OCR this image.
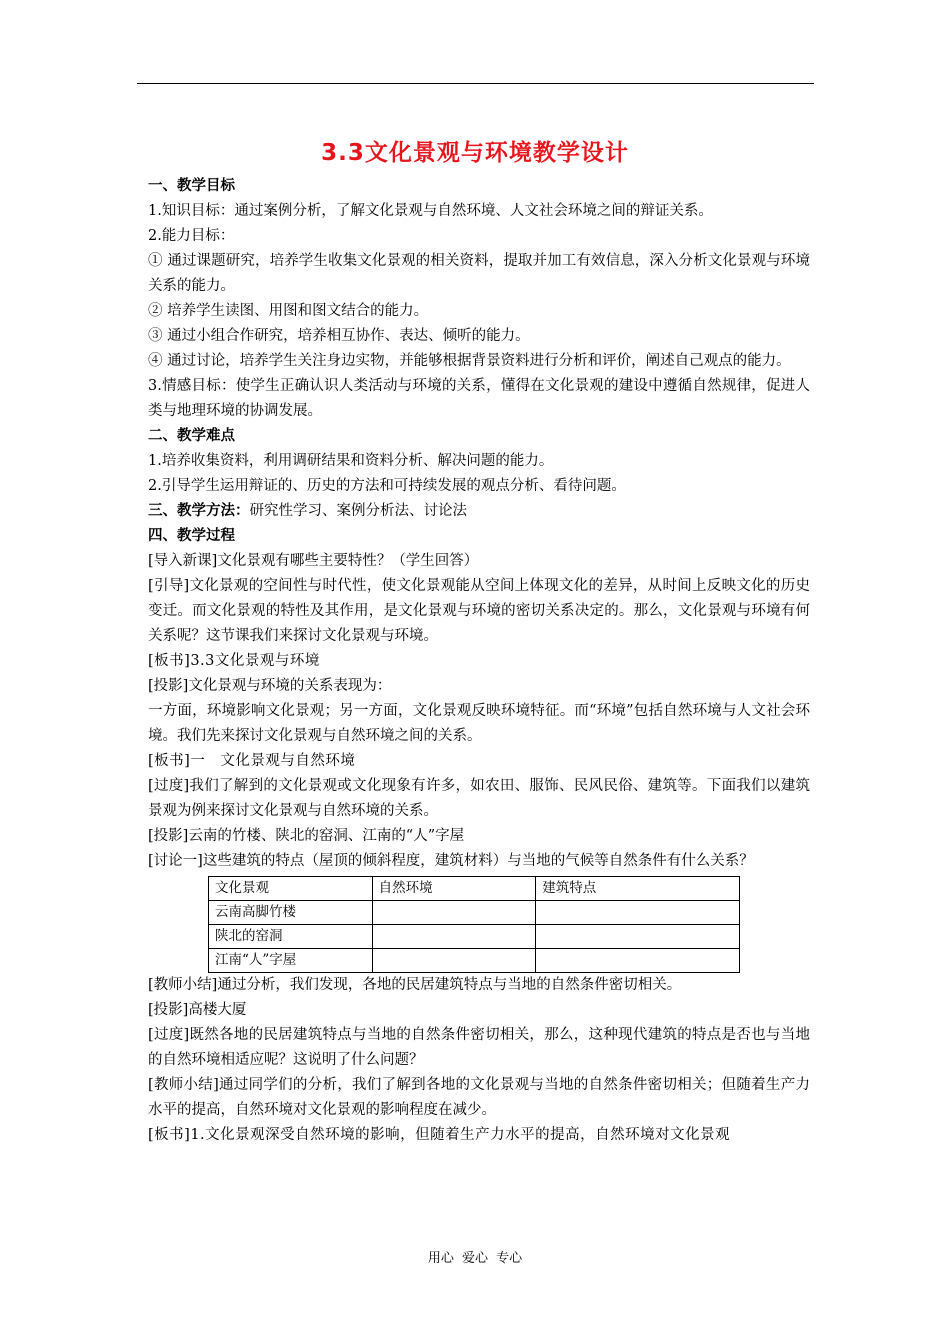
3.3文化景观与环境教学设计

一、教学目标

1.知识目标：通过案例分析，了解文化景观与自然环境、人文社会环境之间的辩证关系。

2.能力目标：

① 通过课题研究，培养学生收集文化景观的相关资料，提取并加工有效信息，深入分析文化景观与环境关系的能力。

② 培养学生读图、用图和图文结合的能力。

③ 通过小组合作研究，培养相互协作、表达、倾听的能力。

④ 通过讨论，培养学生关注身边实物，并能够根据背景资料进行分析和评价，阐述自己观点的能力。

3.情感目标：使学生正确认识人类活动与环境的关系，懂得在文化景观的建设中遵循自然规律，促进人类与地理环境的协调发展。

二、教学难点

1.培养收集资料，利用调研结果和资料分析、解决问题的能力。

2.引导学生运用辩证的、历史的方法和可持续发展的观点分析、看待问题。

三、教学方法：研究性学习、案例分析法、讨论法

四、教学过程

[导入新课]文化景观有哪些主要特性？（学生回答）

[引导]文化景观的空间性与时代性，使文化景观能从空间上体现文化的差异，从时间上反映文化的历史变迁。而文化景观的特性及其作用，是文化景观与环境的密切关系决定的。那么，文化景观与环境有何关系呢？这节课我们来探讨文化景观与环境。

[板书]3.3文化景观与环境

[投影]文化景观与环境的关系表现为：

一方面，环境影响文化景观；另一方面，文化景观反映环境特征。而“环境”包括自然环境与人文社会环境。我们先来探讨文化景观与自然环境之间的关系。

[板书]一　文化景观与自然环境

[过度]我们了解到的文化景观或文化现象有许多，如农田、服饰、民风民俗、建筑等。下面我们以建筑景观为例来探讨文化景观与自然环境的关系。

[投影]云南的竹楼、陕北的窑洞、江南的“人”字屋

[讨论一]这些建筑的特点（屋顶的倾斜程度，建筑材料）与当地的气候等自然条件有什么关系？

文化景观	自然环境	建筑特点
云南高脚竹楼		
陕北的窑洞		
江南“人”字屋		

[教师小结]通过分析，我们发现，各地的民居建筑特点与当地的自然条件密切相关。

[投影]高楼大厦

[过度]既然各地的民居建筑特点与当地的自然条件密切相关，那么，这种现代建筑的特点是否也与当地的自然环境相适应呢？这说明了什么问题？

[教师小结]通过同学们的分析，我们了解到各地的文化景观与当地的自然条件密切相关；但随着生产力水平的提高，自然环境对文化景观的影响程度在减少。

[板书]1.文化景观深受自然环境的影响，但随着生产力水平的提高，自然环境对文化景观

用心 爱心 专心
